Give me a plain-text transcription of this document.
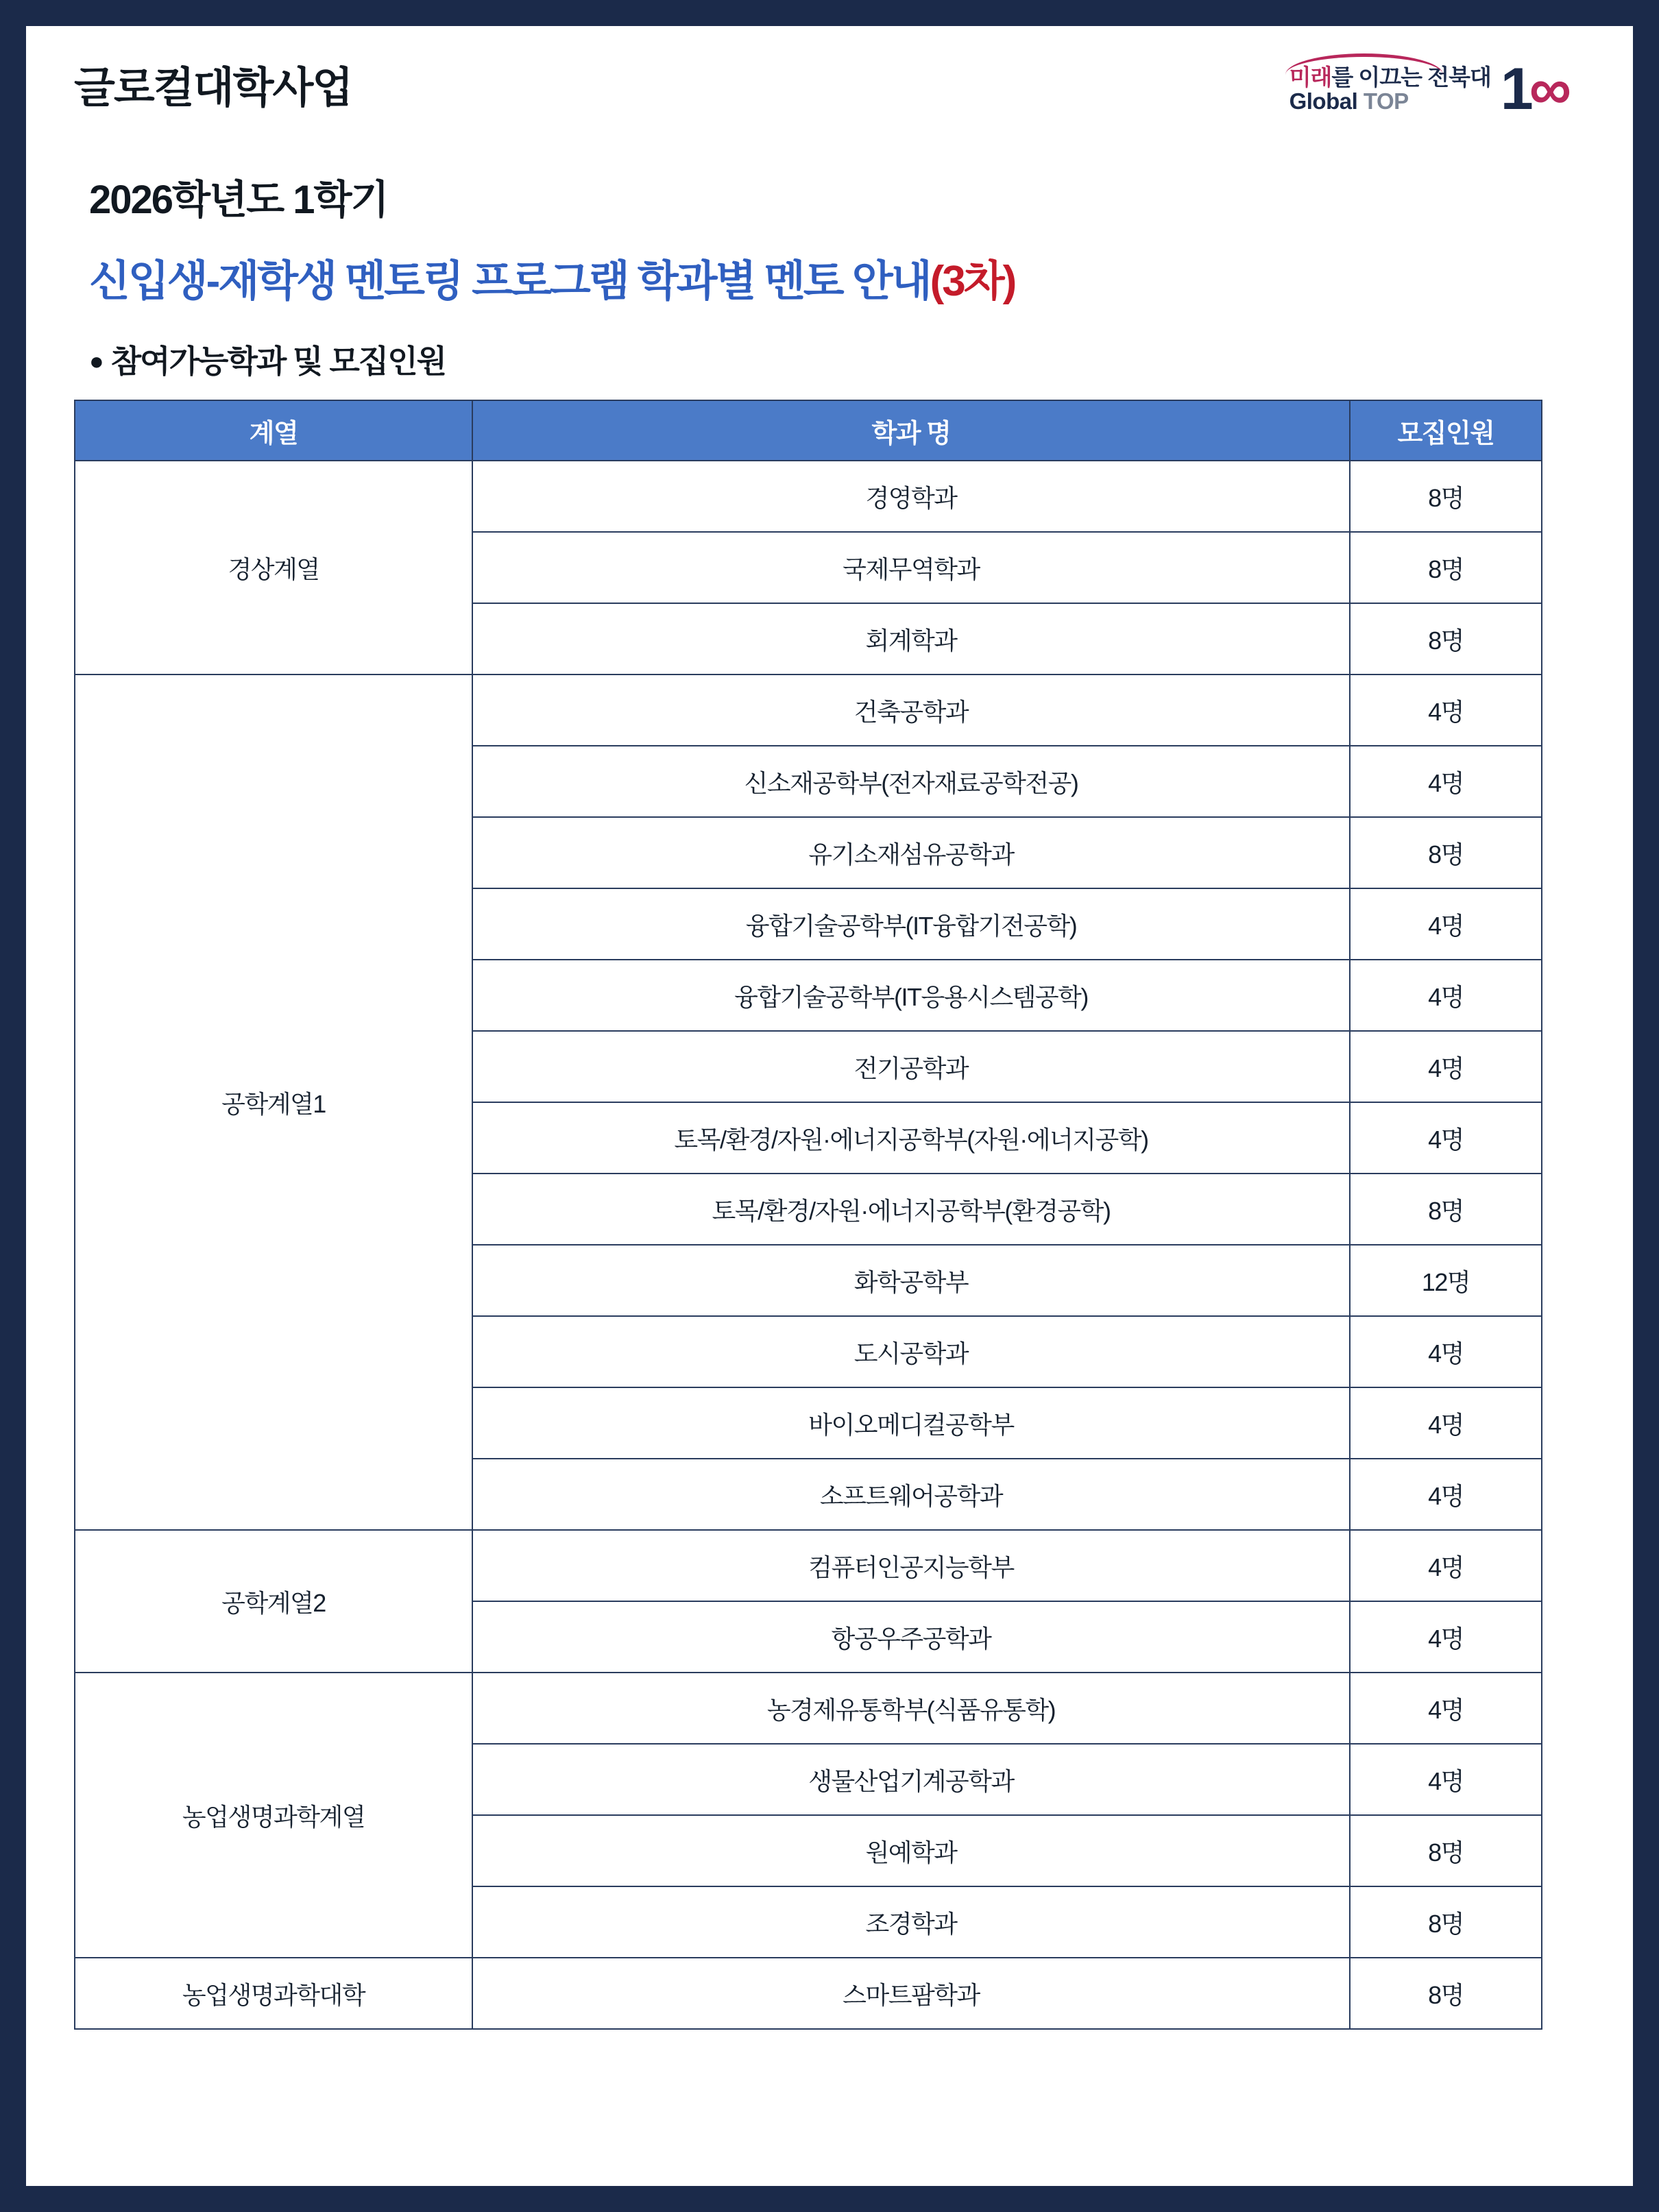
글로컬대학사업	미래를 이끄는 전북대
Global TOP 1 ∞
2026학년도 1학기
신입생-재학생 멘토링 프로그램 학과별 멘토 안내(3차)
● 참여가능학과 및 모집인원
계열	학과 명	모집인원
경상계열	경영학과	8명
	국제무역학과	8명
	회계학과	8명
공학계열1	건축공학과	4명
	신소재공학부(전자재료공학전공)	4명
	유기소재섬유공학과	8명
	융합기술공학부(IT융합기전공학)	4명
	융합기술공학부(IT응용시스템공학)	4명
	전기공학과	4명
	토목/환경/자원·에너지공학부(자원·에너지공학)	4명
	토목/환경/자원·에너지공학부(환경공학)	8명
	화학공학부	12명
	도시공학과	4명
	바이오메디컬공학부	4명
	소프트웨어공학과	4명
공학계열2	컴퓨터인공지능학부	4명
	항공우주공학과	4명
농업생명과학계열	농경제유통학부(식품유통학)	4명
	생물산업기계공학과	4명
	원예학과	8명
	조경학과	8명
농업생명과학대학	스마트팜학과	8명
